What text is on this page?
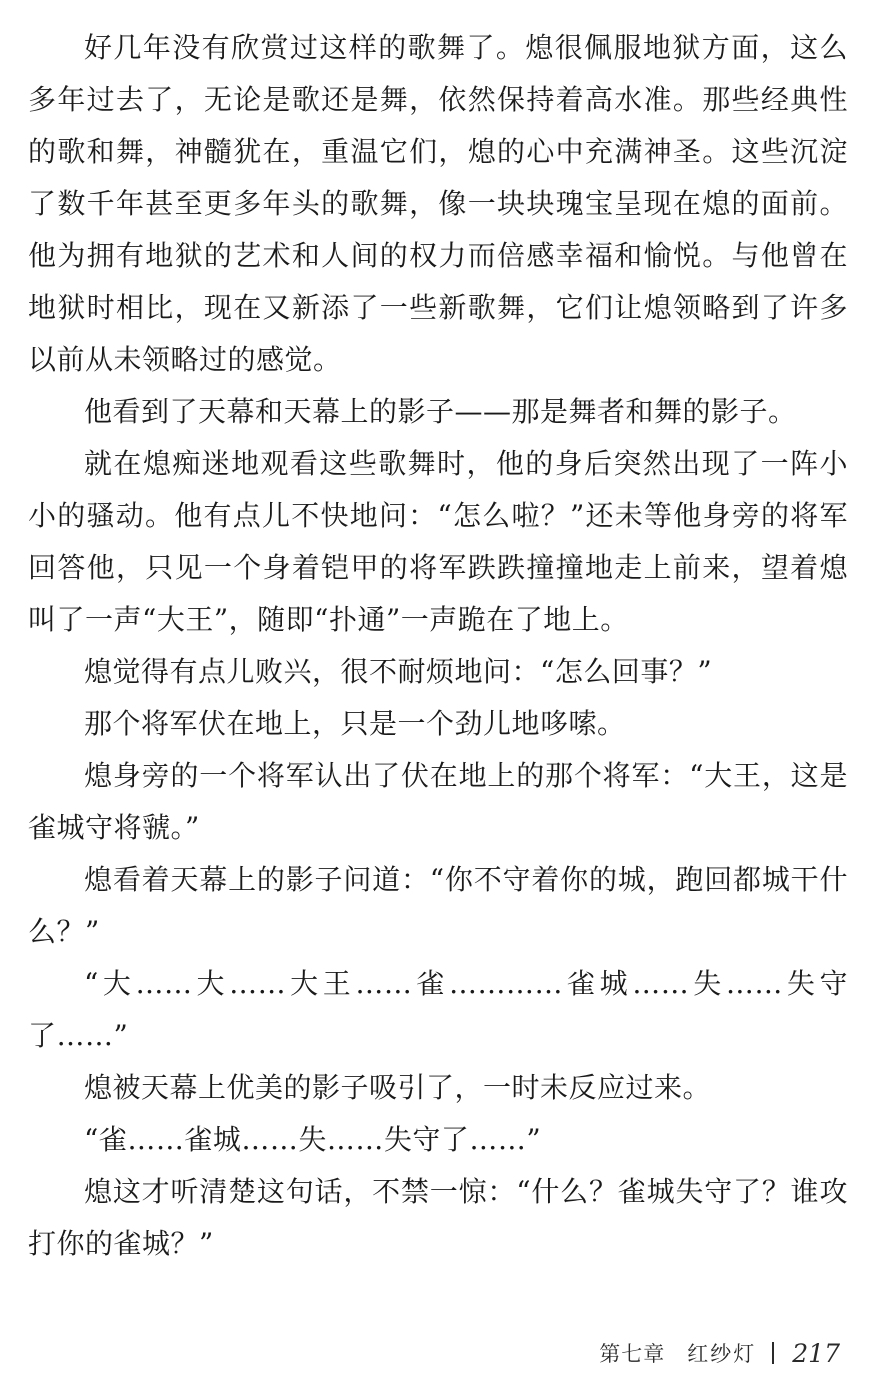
好几年没有欣赏过这样的歌舞了。熄很佩服地狱方面，这么多年过去了，无论是歌还是舞，依然保持着高水准。那些经典性的歌和舞，神髓犹在，重温它们，熄的心中充满神圣。这些沉淀了数千年甚至更多年头的歌舞，像一块块瑰宝呈现在熄的面前。他为拥有地狱的艺术和人间的权力而倍感幸福和愉悦。与他曾在地狱时相比，现在又新添了一些新歌舞，它们让熄领略到了许多以前从未领略过的感觉。

他看到了天幕和天幕上的影子——那是舞者和舞的影子。

就在熄痴迷地观看这些歌舞时，他的身后突然出现了一阵小小的骚动。他有点儿不快地问：“怎么啦？”还未等他身旁的将军回答他，只见一个身着铠甲的将军跌跌撞撞地走上前来，望着熄叫了一声“大王”，随即“扑通”一声跪在了地上。

熄觉得有点儿败兴，很不耐烦地问：“怎么回事？”

那个将军伏在地上，只是一个劲儿地哆嗦。

熄身旁的一个将军认出了伏在地上的那个将军：“大王，这是雀城守将虢。”

熄看着天幕上的影子问道：“你不守着你的城，跑回都城干什么？”

“大……大……大王……雀…………雀城……失……失守了……”

熄被天幕上优美的影子吸引了，一时未反应过来。

“雀……雀城……失……失守了……”

熄这才听清楚这句话，不禁一惊：“什么？雀城失守了？谁攻打你的雀城？”

第七章 红纱灯 217
